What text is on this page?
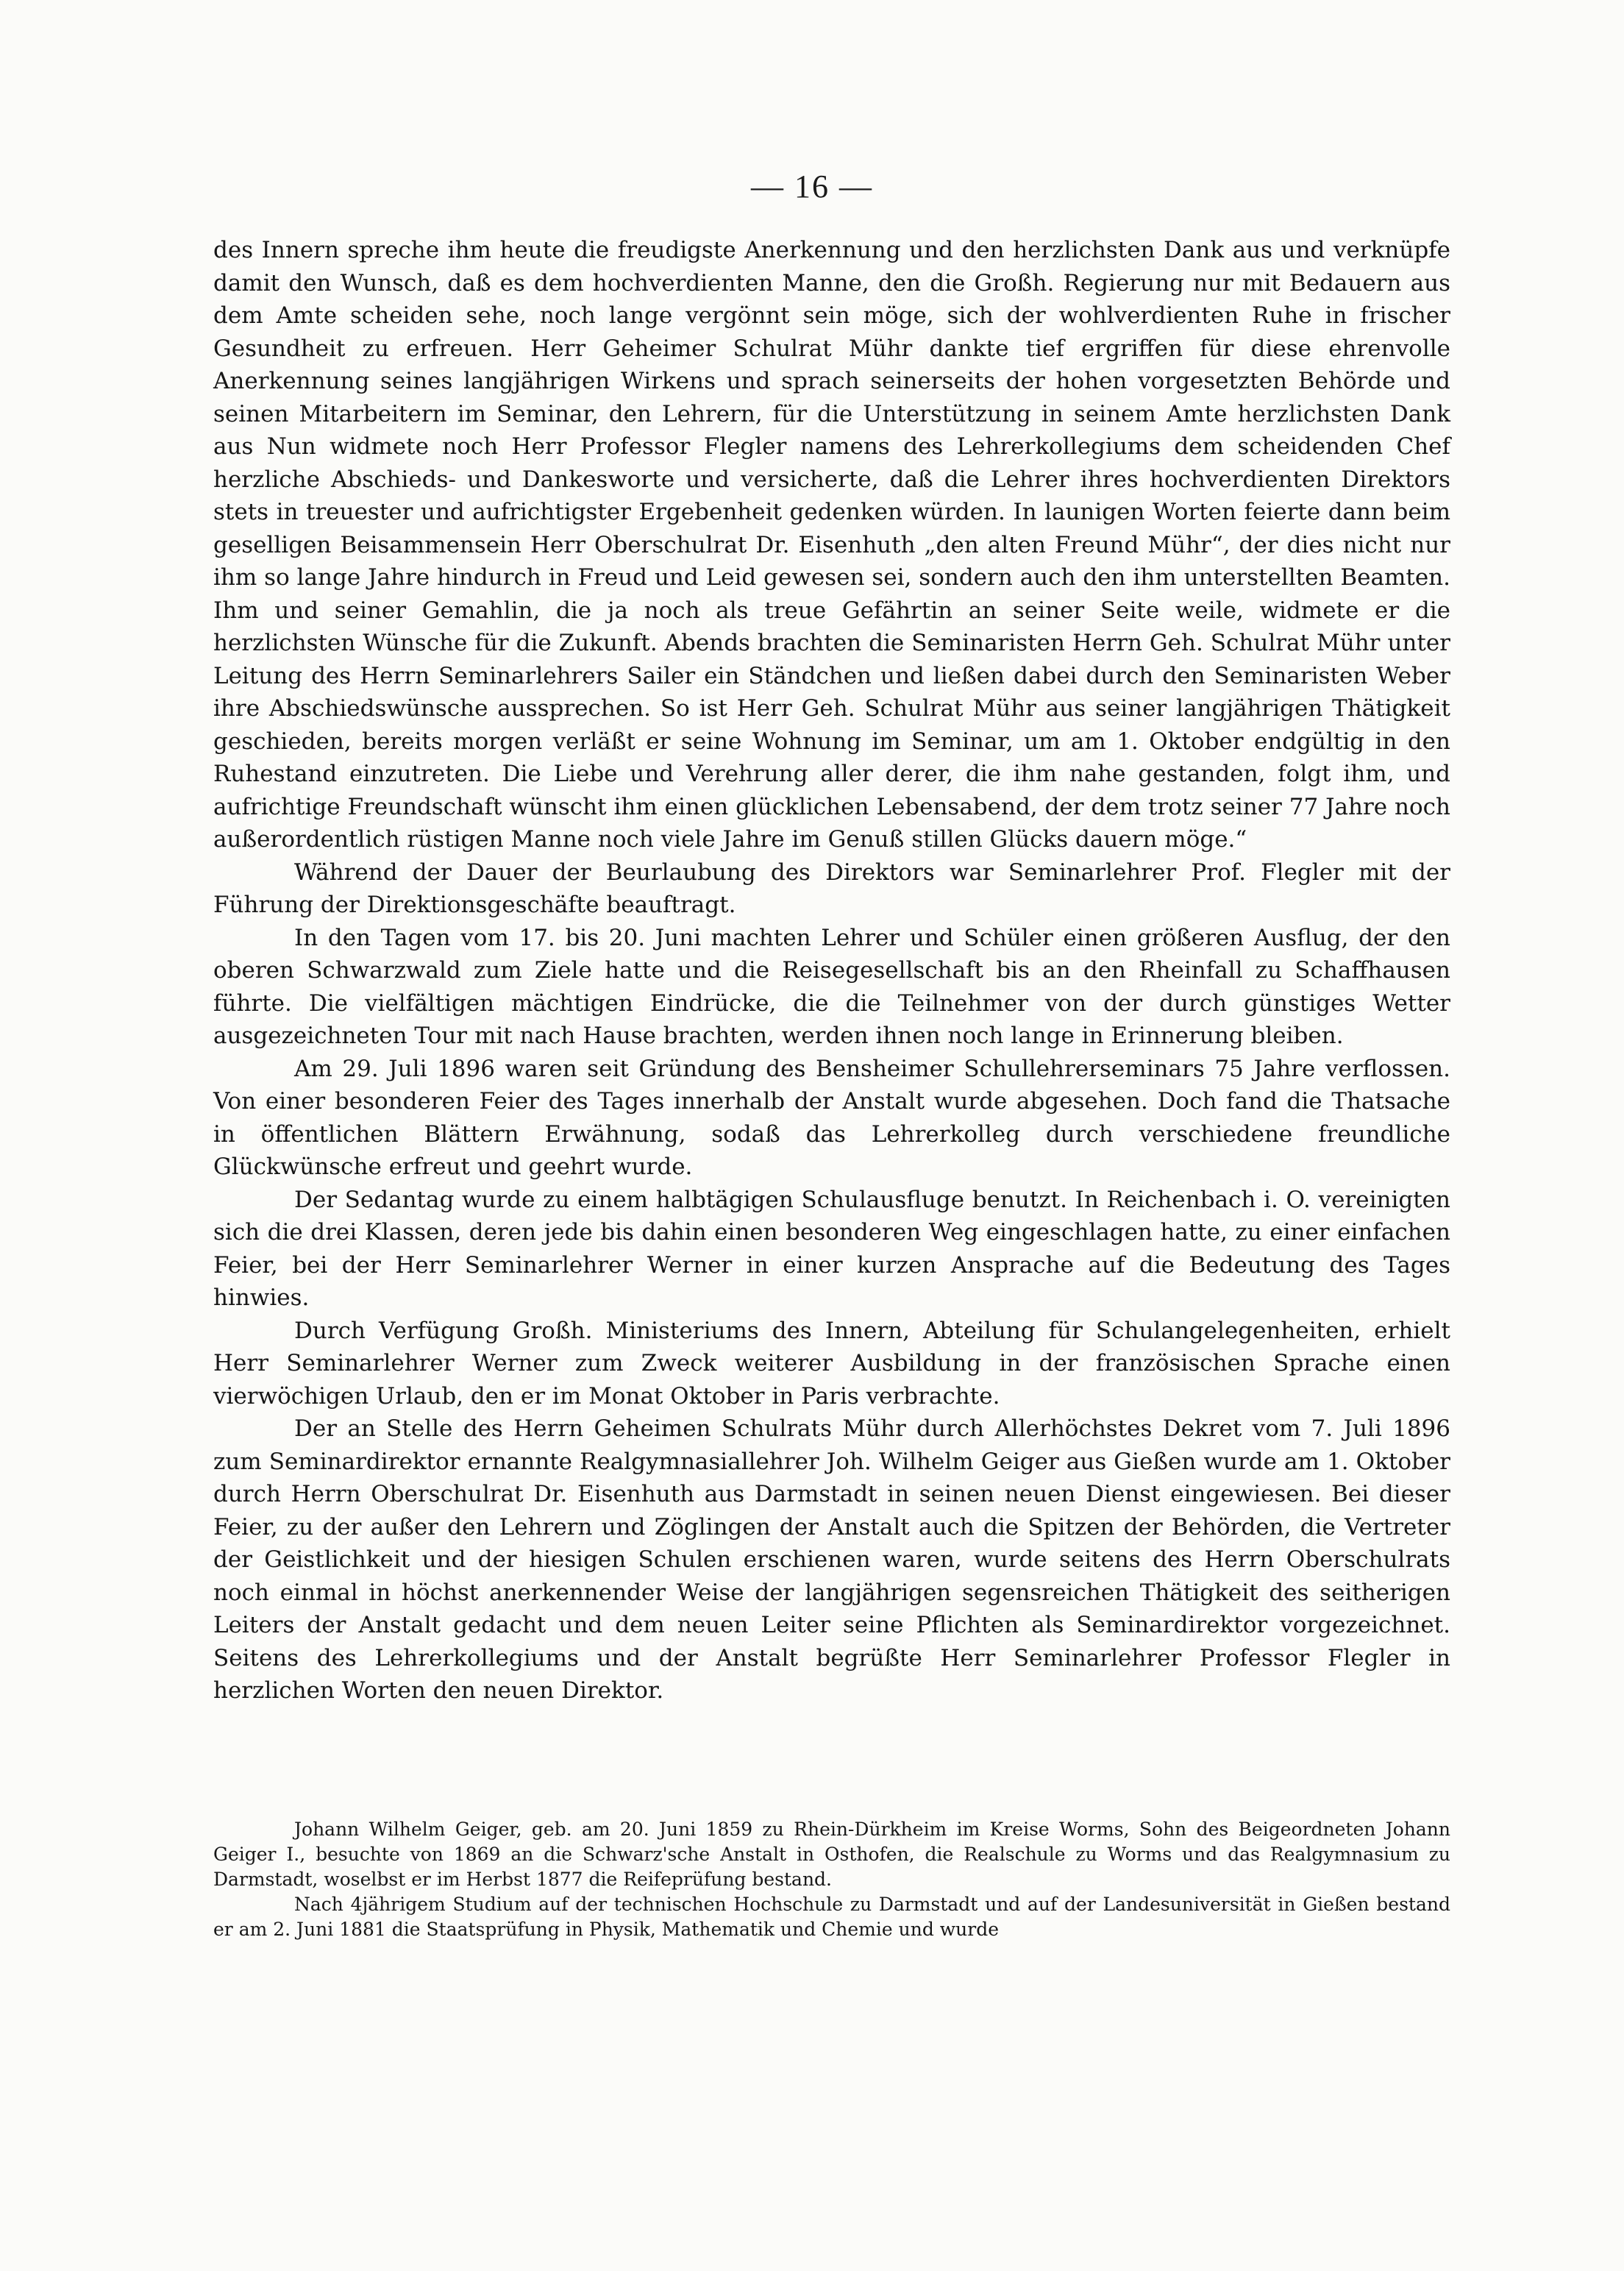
— 16 —

des Innern spreche ihm heute die freudigste Anerkennung und den herzlichsten Dank aus und verknüpfe damit den Wunsch, daß es dem hochverdienten Manne, den die Großh. Regierung nur mit Bedauern aus dem Amte scheiden sehe, noch lange vergönnt sein möge, sich der wohlverdienten Ruhe in frischer Gesundheit zu erfreuen. Herr Geheimer Schulrat Mühr dankte tief ergriffen für diese ehrenvolle Anerkennung seines langjährigen Wirkens und sprach seinerseits der hohen vorgesetzten Behörde und seinen Mitarbeitern im Seminar, den Lehrern, für die Unterstützung in seinem Amte herzlichsten Dank aus Nun widmete noch Herr Professor Flegler namens des Lehrerkollegiums dem scheidenden Chef herzliche Abschieds- und Dankesworte und versicherte, daß die Lehrer ihres hochverdienten Direktors stets in treuester und aufrichtigster Ergebenheit gedenken würden. In launigen Worten feierte dann beim geselligen Beisammensein Herr Oberschulrat Dr. Eisenhuth „den alten Freund Mühr“, der dies nicht nur ihm so lange Jahre hindurch in Freud und Leid gewesen sei, sondern auch den ihm unterstellten Beamten. Ihm und seiner Gemahlin, die ja noch als treue Gefährtin an seiner Seite weile, widmete er die herzlichsten Wünsche für die Zukunft. Abends brachten die Seminaristen Herrn Geh. Schulrat Mühr unter Leitung des Herrn Seminarlehrers Sailer ein Ständchen und ließen dabei durch den Seminaristen Weber ihre Abschiedswünsche aussprechen. So ist Herr Geh. Schulrat Mühr aus seiner langjährigen Thätigkeit geschieden, bereits morgen verläßt er seine Wohnung im Seminar, um am 1. Oktober endgültig in den Ruhestand einzutreten. Die Liebe und Verehrung aller derer, die ihm nahe gestanden, folgt ihm, und aufrichtige Freundschaft wünscht ihm einen glücklichen Lebensabend, der dem trotz seiner 77 Jahre noch außerordentlich rüstigen Manne noch viele Jahre im Genuß stillen Glücks dauern möge.“

Während der Dauer der Beurlaubung des Direktors war Seminarlehrer Prof. Flegler mit der Führung der Direktionsgeschäfte beauftragt.

In den Tagen vom 17. bis 20. Juni machten Lehrer und Schüler einen größeren Ausflug, der den oberen Schwarzwald zum Ziele hatte und die Reisegesellschaft bis an den Rheinfall zu Schaffhausen führte. Die vielfältigen mächtigen Eindrücke, die die Teilnehmer von der durch günstiges Wetter ausgezeichneten Tour mit nach Hause brachten, werden ihnen noch lange in Erinnerung bleiben.

Am 29. Juli 1896 waren seit Gründung des Bensheimer Schullehrerseminars 75 Jahre verflossen. Von einer besonderen Feier des Tages innerhalb der Anstalt wurde abgesehen. Doch fand die Thatsache in öffentlichen Blättern Erwähnung, sodaß das Lehrerkolleg durch verschiedene freundliche Glückwünsche erfreut und geehrt wurde.

Der Sedantag wurde zu einem halbtägigen Schulausfluge benutzt. In Reichenbach i. O. vereinigten sich die drei Klassen, deren jede bis dahin einen besonderen Weg eingeschlagen hatte, zu einer einfachen Feier, bei der Herr Seminarlehrer Werner in einer kurzen Ansprache auf die Bedeutung des Tages hinwies.

Durch Verfügung Großh. Ministeriums des Innern, Abteilung für Schulangelegenheiten, erhielt Herr Seminarlehrer Werner zum Zweck weiterer Ausbildung in der französischen Sprache einen vierwöchigen Urlaub, den er im Monat Oktober in Paris verbrachte.

Der an Stelle des Herrn Geheimen Schulrats Mühr durch Allerhöchstes Dekret vom 7. Juli 1896 zum Seminardirektor ernannte Realgymnasiallehrer Joh. Wilhelm Geiger aus Gießen wurde am 1. Oktober durch Herrn Oberschulrat Dr. Eisenhuth aus Darmstadt in seinen neuen Dienst eingewiesen. Bei dieser Feier, zu der außer den Lehrern und Zöglingen der Anstalt auch die Spitzen der Behörden, die Vertreter der Geistlichkeit und der hiesigen Schulen erschienen waren, wurde seitens des Herrn Oberschulrats noch einmal in höchst anerkennender Weise der langjährigen segensreichen Thätigkeit des seitherigen Leiters der Anstalt gedacht und dem neuen Leiter seine Pflichten als Seminardirektor vorgezeichnet. Seitens des Lehrerkollegiums und der Anstalt begrüßte Herr Seminarlehrer Professor Flegler in herzlichen Worten den neuen Direktor.

Johann Wilhelm Geiger, geb. am 20. Juni 1859 zu Rhein-Dürkheim im Kreise Worms, Sohn des Beigeordneten Johann Geiger I., besuchte von 1869 an die Schwarz'sche Anstalt in Osthofen, die Realschule zu Worms und das Realgymnasium zu Darmstadt, woselbst er im Herbst 1877 die Reifeprüfung bestand.

Nach 4jährigem Studium auf der technischen Hochschule zu Darmstadt und auf der Landesuniversität in Gießen bestand er am 2. Juni 1881 die Staatsprüfung in Physik, Mathematik und Chemie und wurde
